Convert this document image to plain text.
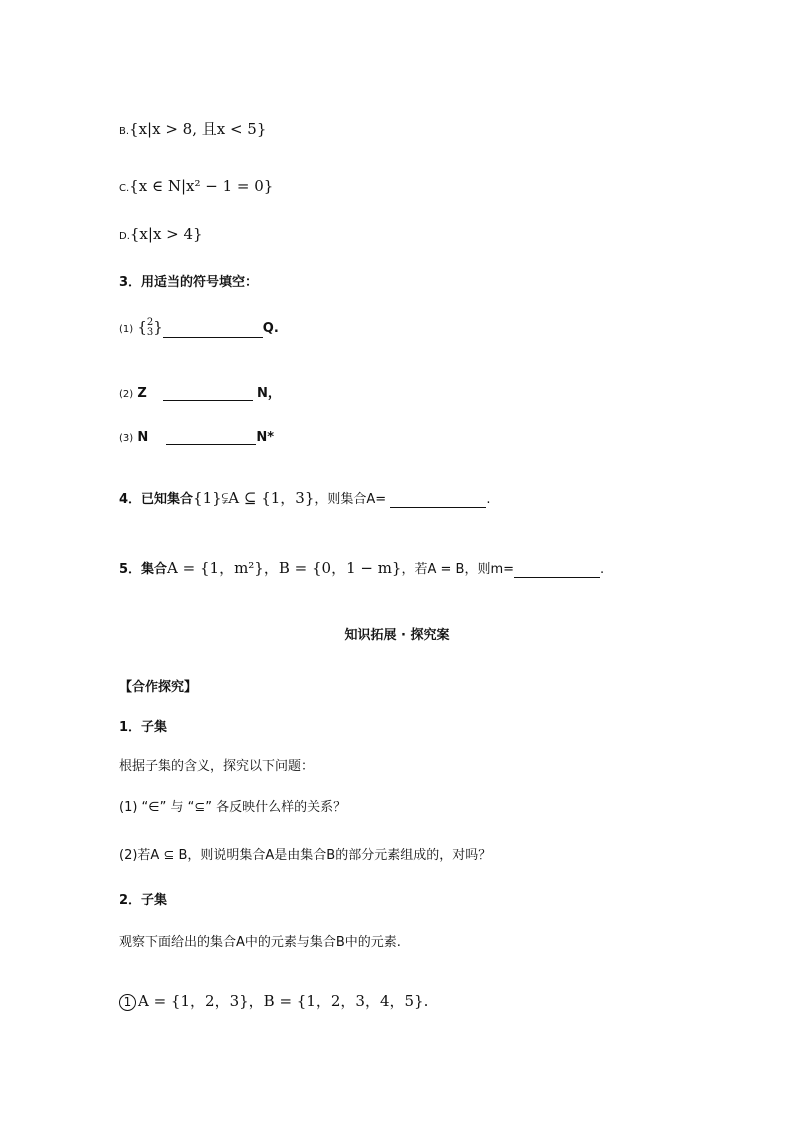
B.{x|x > 8, 且x < 5}
C.{x ∈ N|x² − 1 = 0}
D.{x|x > 4}
3．用适当的符号填空：
(1) { 2
3 }	Q.
(2) Z	N，
(3) N	N*
4．已知集合{1}⫋A ⊆ {1，3}，则集合A=	.
5．集合A = {1，m²}，B = {0，1 − m}，若A = B，则m=	.
知识拓展 · 探究案
【合作探究】
1．子集
根据子集的含义，探究以下问题：
(1) “∈” 与 “⊆” 各反映什么样的关系？
(2)若A ⊆ B，则说明集合A是由集合B的部分元素组成的，对吗？
2．子集
观察下面给出的集合A中的元素与集合B中的元素.
1 A = {1，2，3}，B = {1，2，3，4，5}.
